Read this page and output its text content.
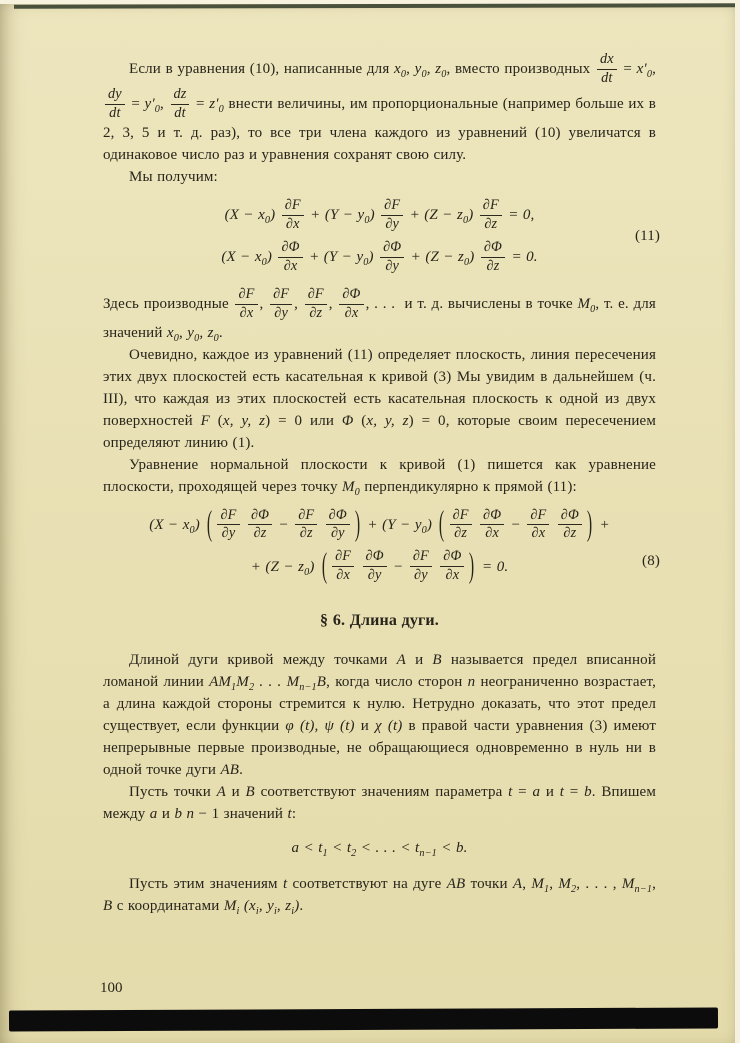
Если в уравнения (10), написанные для $x_0$, $y_0$, $z_0$, вместо производных $\frac{dx}{dt} = x'_0$,
$\frac{dy}{dt} = y'_0$, $\frac{dz}{dt} = z'_0$ внести величины, им пропорциональные (например больше их в 2, 3, 5 и т. д. раз), то все три члена каждого из уравнений (10) увеличатся в одинаковое число раз и уравнения сохранят свою силу.

Мы получим:

$(X - x_0) \frac{\partial F}{\partial x} + (Y - y_0) \frac{\partial F}{\partial y} + (Z - z_0) \frac{\partial F}{\partial z} = 0$,
$(X - x_0) \frac{\partial\Phi}{\partial x} + (Y - y_0) \frac{\partial\Phi}{\partial y} + (Z - z_0) \frac{\partial\Phi}{\partial z} = 0$.
(11)

Здесь производные $\frac{\partial F}{\partial x}$ , $\frac{\partial F}{\partial y}$ , $\frac{\partial F}{\partial z}$ , $\frac{\partial\Phi}{\partial x}$ , . . .  и т. д. вычислены в точке $M_0$, т. е. для значений $x_0$, $y_0$, $z_0$.

Очевидно, каждое из уравнений (11) определяет плоскость, линия пересечения этих двух плоскостей есть касательная к кривой (3) Мы увидим в дальнейшем (ч. III), что каждая из этих плоскостей есть касательная плоскость к одной из двух поверхностей F (x, y, z) = 0 или Φ (x, y, z) = 0, которые своим пересечением определяют линию (1).

Уравнение нормальной плоскости к кривой (1) пишется как уравнение плоскости, проходящей через точку $M_0$ перпендикулярно к прямой (11):

$(X - x_0)$ ( $\frac{\partial F}{\partial y}$
$\frac{\partial\Phi}{\partial z} - \frac{\partial F}{\partial z}$
$\frac{\partial\Phi}{\partial y}$ ) + $(Y - y_0)$ ( $\frac{\partial F}{\partial z}$
$\frac{\partial\Phi}{\partial x} - \frac{\partial F}{\partial x}$
$\frac{\partial\Phi}{\partial z}$ ) +
+ $(Z - z_0)$ ( $\frac{\partial F}{\partial x}$
$\frac{\partial\Phi}{\partial y} - \frac{\partial F}{\partial y}$
$\frac{\partial\Phi}{\partial x}$ ) = 0.	(8)
§ 6. Длина дуги.

Длиной дуги кривой между точками A и B называется предел вписанной ломаной линии $AM_1M_2$ . . . $M_{n-1}B$, когда число сторон n неограниченно возрастает, а длина каждой стороны стремится к нулю. Нетрудно доказать, что этот предел существует, если функции φ (t), ψ (t) и χ (t) в правой части уравнения (3) имеют непрерывные первые производные, не обращающиеся одновременно в нуль ни в одной точке дуги AB.

Пусть точки A и B соответствуют значениям параметра t = a и t = b. Впишем между a и b n − 1 значений t:

$a < t_1 < t_2$ < . . . < $t_{n-1} < b$.

Пусть этим значениям t соответствуют на дуге AB точки A, $M_1$, $M_2$, . . . , $M_{n-1}$, B с координатами $M_i$ ($x_i$, $y_i$, $z_i$).

100
